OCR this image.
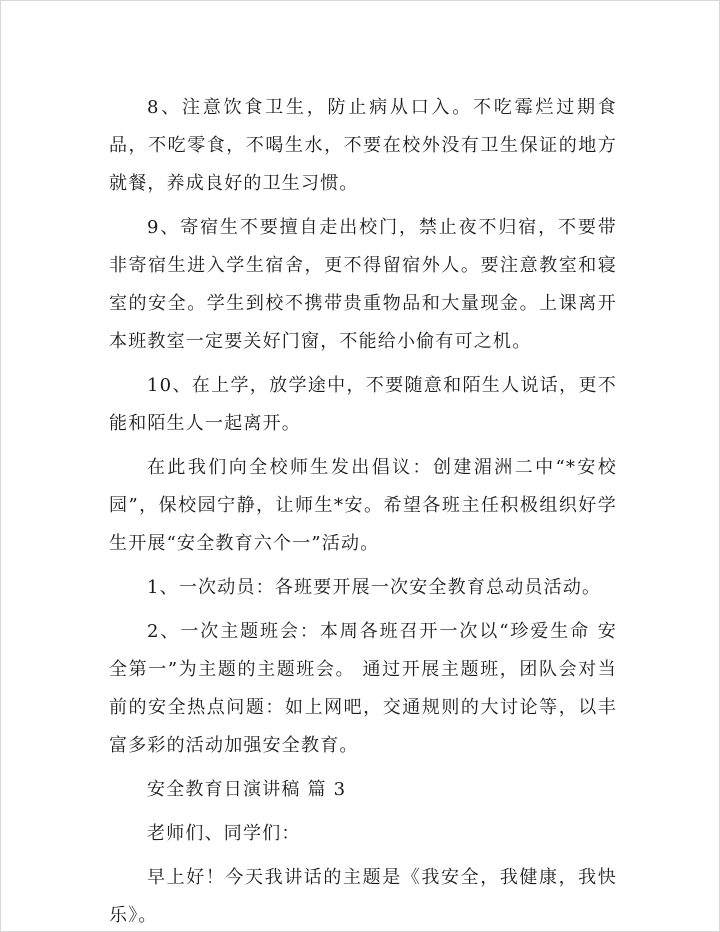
8、注意饮食卫生，防止病从口入。不吃霉烂过期食品，不吃零食，不喝生水，不要在校外没有卫生保证的地方就餐，养成良好的卫生习惯。

9、寄宿生不要擅自走出校门，禁止夜不归宿，不要带非寄宿生进入学生宿舍，更不得留宿外人。要注意教室和寝室的安全。学生到校不携带贵重物品和大量现金。上课离开本班教室一定要关好门窗，不能给小偷有可之机。

10、在上学，放学途中，不要随意和陌生人说话，更不能和陌生人一起离开。

在此我们向全校师生发出倡议：创建湄洲二中“*安校园”，保校园宁静，让师生*安。希望各班主任积极组织好学生开展“安全教育六个一”活动。

1、一次动员：各班要开展一次安全教育总动员活动。

2、一次主题班会：本周各班召开一次以“珍爱生命 安全第一”为主题的主题班会。 通过开展主题班，团队会对当前的安全热点问题：如上网吧，交通规则的大讨论等，以丰富多彩的活动加强安全教育。

安全教育日演讲稿 篇 3

老师们、同学们：

早上好！今天我讲话的主题是《我安全，我健康，我快乐》。
